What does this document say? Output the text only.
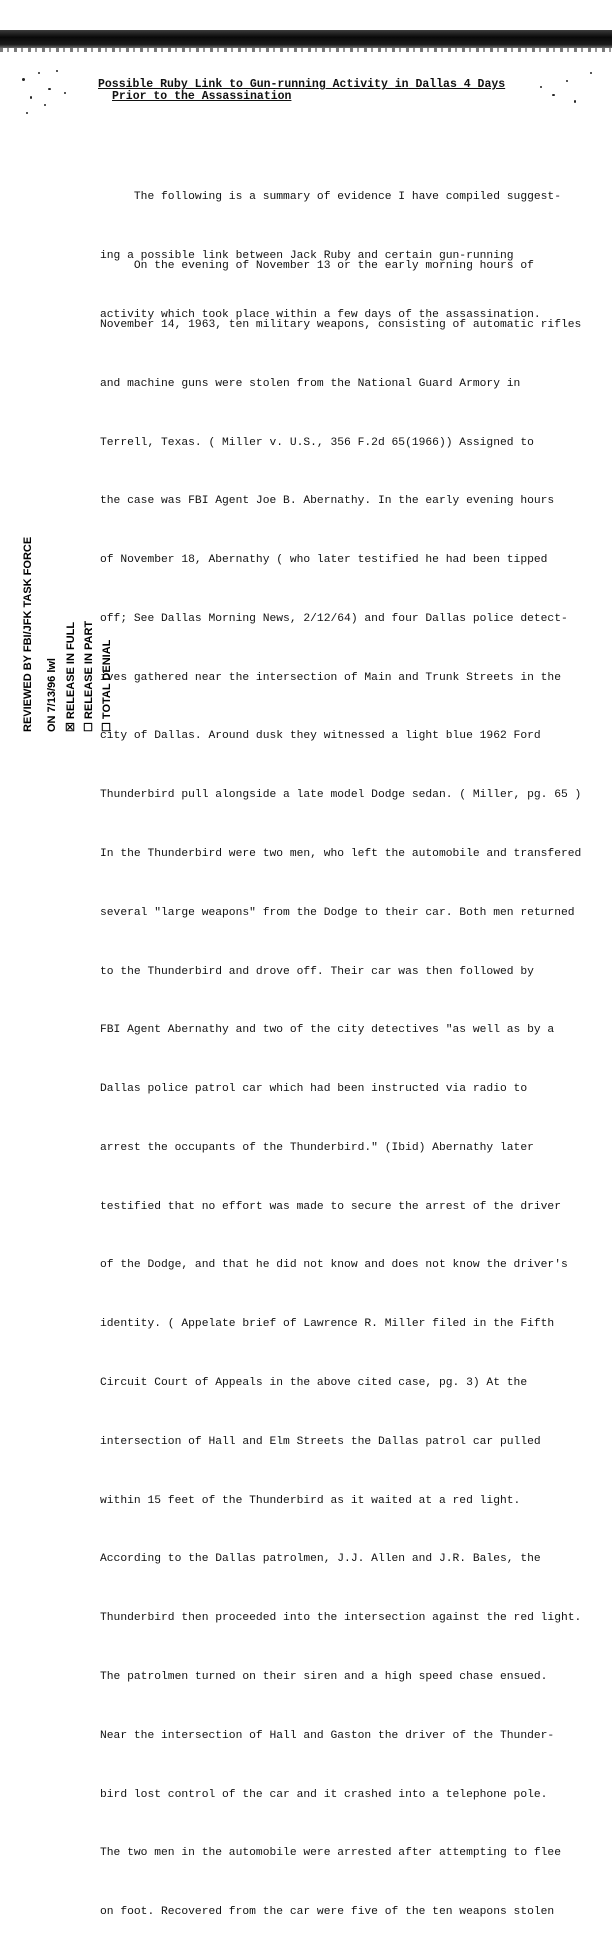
Possible Ruby Link to Gun-running Activity in Dallas 4 Days
Prior to the Assassination

The following is a summary of evidence I have compiled suggest-

ing a possible link between Jack Ruby and certain gun-running

activity which took place within a few days of the assassination.

On the evening of November 13 or the early morning hours of

November 14, 1963, ten military weapons, consisting of automatic rifles

and machine guns were stolen from the National Guard Armory in

Terrell, Texas. ( Miller v. U.S., 356 F.2d 65(1966)) Assigned to

the case was FBI Agent Joe B. Abernathy. In the early evening hours

of November 18, Abernathy ( who later testified he had been tipped

off; See Dallas Morning News, 2/12/64) and four Dallas police detect-

ives gathered near the intersection of Main and Trunk Streets in the

city of Dallas. Around dusk they witnessed a light blue 1962 Ford

Thunderbird pull alongside a late model Dodge sedan. ( Miller, pg. 65 )

In the Thunderbird were two men, who left the automobile and transfered

several "large weapons" from the Dodge to their car. Both men returned

to the Thunderbird and drove off. Their car was then followed by

FBI Agent Abernathy and two of the city detectives "as well as by a

Dallas police patrol car which had been instructed via radio to

arrest the occupants of the Thunderbird." (Ibid) Abernathy later

testified that no effort was made to secure the arrest of the driver

of the Dodge, and that he did not know and does not know the driver's

identity. ( Appelate brief of Lawrence R. Miller filed in the Fifth

Circuit Court of Appeals in the above cited case, pg. 3) At the

intersection of Hall and Elm Streets the Dallas patrol car pulled

within 15 feet of the Thunderbird as it waited at a red light.

According to the Dallas patrolmen, J.J. Allen and J.R. Bales, the

Thunderbird then proceeded into the intersection against the red light.

The patrolmen turned on their siren and a high speed chase ensued.

Near the intersection of Hall and Gaston the driver of the Thunder-

bird lost control of the car and it crashed into a telephone pole.

The two men in the automobile were arrested after attempting to flee

on foot. Recovered from the car were five of the ten weapons stolen

REVIEWED BY FBI/JFK TASK FORCE ON 7/13/96 lwl ☒ RELEASE IN FULL ☐ RELEASE IN PART ☐ TOTAL DENIAL
